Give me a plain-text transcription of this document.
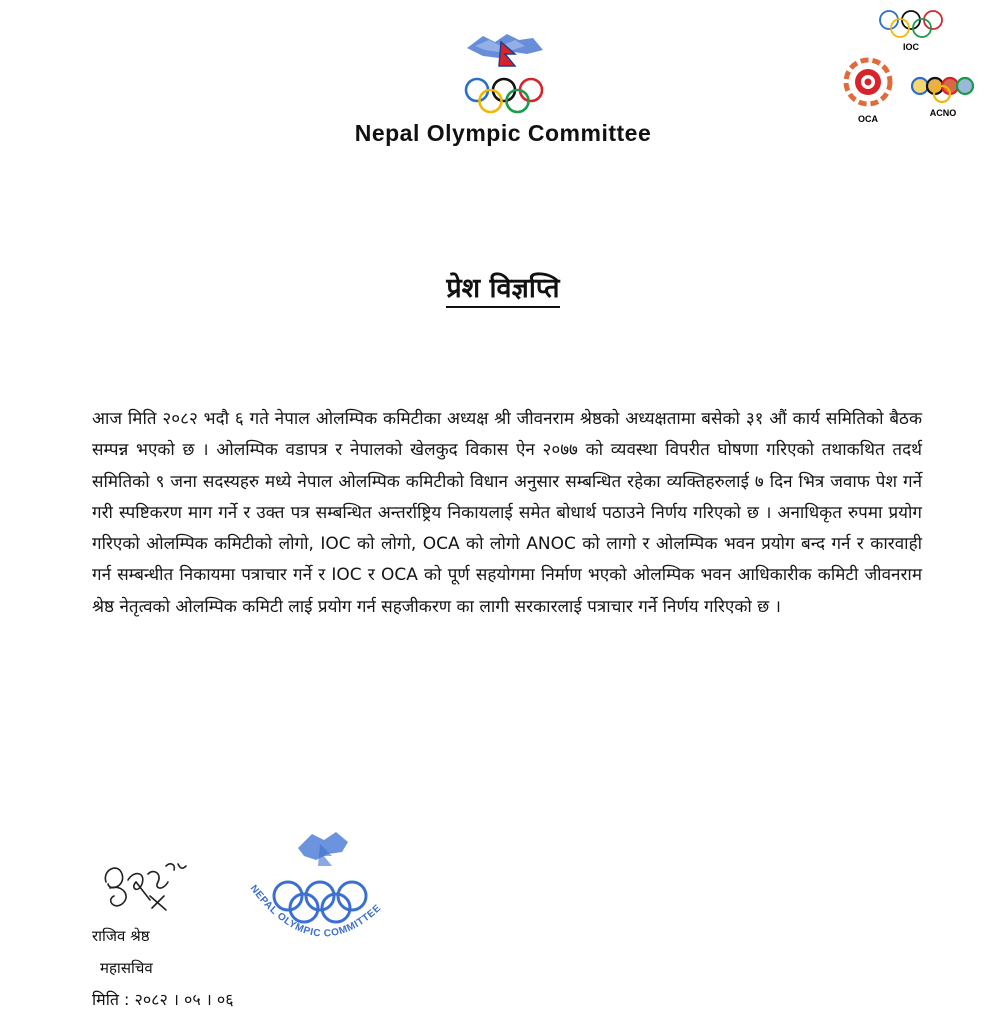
Nepal Olympic Committee
IOC
OCA
ACNO
प्रेश विज्ञप्ति
आज मिति २०८२ भदौ ६ गते नेपाल ओलम्पिक कमिटीका अध्यक्ष श्री जीवनराम श्रेष्ठको अध्यक्षतामा बसेको ३१ औं कार्य समितिको बैठक सम्पन्न भएको छ । ओलम्पिक वडापत्र र नेपालको खेलकुद विकास ऐन २०७७ को व्यवस्था विपरीत घोषणा गरिएको तथाकथित तदर्थ समितिको ९ जना सदस्यहरु मध्ये नेपाल ओलम्पिक कमिटीको विधान अनुसार सम्बन्धित रहेका व्यक्तिहरुलाई ७ दिन भित्र जवाफ पेश गर्ने गरी स्पष्टिकरण माग गर्ने र उक्त पत्र सम्बन्धित अन्तर्राष्ट्रिय निकायलाई समेत बोधार्थ पठाउने निर्णय गरिएको छ । अनाधिकृत रुपमा प्रयोग गरिएको ओलम्पिक कमिटीको लोगो, IOC को लोगो, OCA को लोगो ANOC को लागो र ओलम्पिक भवन प्रयोग बन्द गर्न र कारवाही गर्न सम्बन्धीत निकायमा पत्राचार गर्ने र IOC र OCA को पूर्ण सहयोगमा निर्माण भएको ओलम्पिक भवन आधिकारीक कमिटी जीवनराम श्रेष्ठ नेतृत्वको ओलम्पिक कमिटी लाई प्रयोग गर्न सहजीकरण का लागी सरकारलाई पत्राचार गर्ने निर्णय गरिएको छ ।
NEPAL OLYMPIC COMMITTEE
राजिव श्रेष्ठ
महासचिव
मिति : २०८२ । ०५ । ०६
